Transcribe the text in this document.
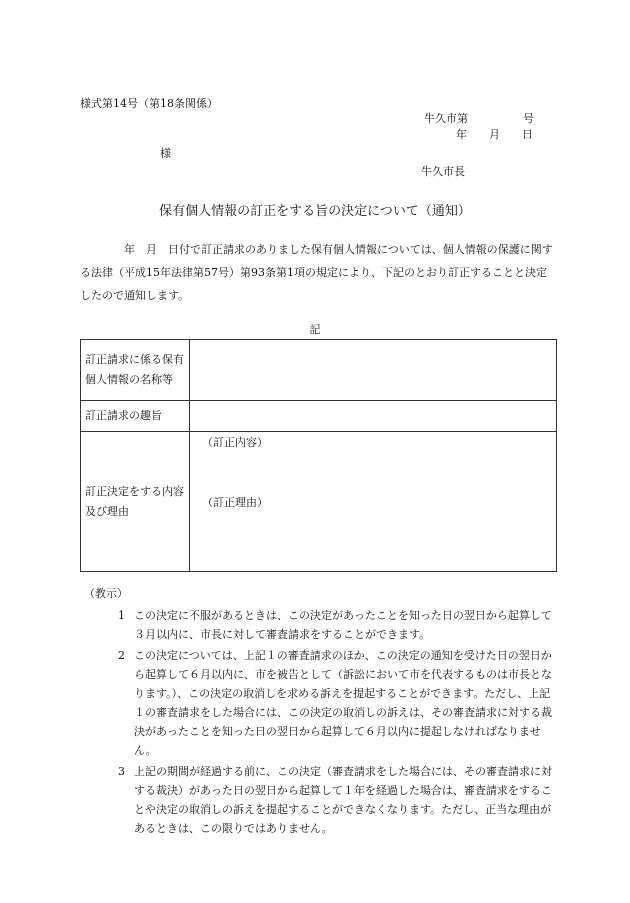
様式第14号（第18条関係）
牛久市第　　　　　号
年　　月　　日
様
牛久市長
保有個人情報の訂正をする旨の決定について（通知）
年　月　日付で訂正請求のありました保有個人情報については、個人情報の保護に関する法律（平成15年法律第57号）第93条第1項の規定により、下記のとおり訂正することと決定したので通知します。
記
訂正請求に係る保有個人情報の名称等	
訂正請求の趣旨	
訂正決定をする内容及び理由	（訂正内容）
（訂正理由）
（教示）
1 この決定に不服があるときは、この決定があったことを知った日の翌日から起算して３月以内に、市長に対して審査請求をすることができます。
2 この決定については、上記１の審査請求のほか、この決定の通知を受けた日の翌日から起算して６月以内に、市を被告として（訴訟において市を代表するものは市長となります。）、この決定の取消しを求める訴えを提起することができます。ただし、上記１の審査請求をした場合には、この決定の取消しの訴えは、その審査請求に対する裁決があったことを知った日の翌日から起算して６月以内に提起しなければなりません。
3 上記の期間が経過する前に、この決定（審査請求をした場合には、その審査請求に対する裁決）があった日の翌日から起算して１年を経過した場合は、審査請求をすることや決定の取消しの訴えを提起することができなくなります。ただし、正当な理由があるときは、この限りではありません。
